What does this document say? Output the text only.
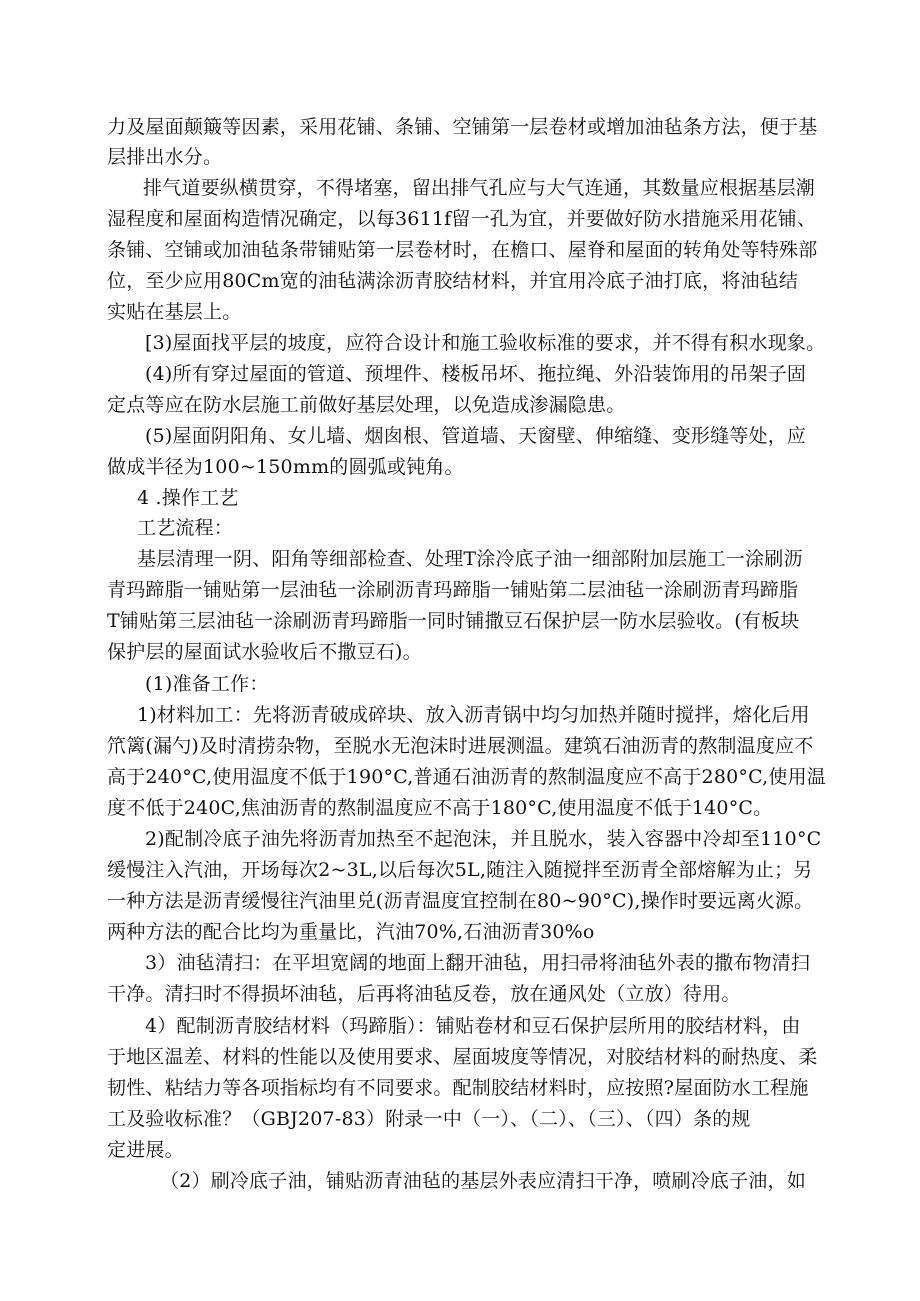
力及屋面颠簸等因素，采用花铺、条铺、空铺第一层卷材或增加油毡条方法，便于基
层排出水分。
排气道要纵横贯穿，不得堵塞，留出排气孔应与大气连通，其数量应根据基层潮
湿程度和屋面构造情况确定，以每3611f留一孔为宜，并要做好防水措施采用花铺、
条铺、空铺或加油毡条带铺贴第一层卷材时，在檐口、屋脊和屋面的转角处等特殊部
位，至少应用80Cm宽的油毡满涂沥青胶结材料，并宜用冷底子油打底，将油毡结
实贴在基层上。
[3)屋面找平层的坡度，应符合设计和施工验收标准的要求，并不得有积水现象。
(4)所有穿过屋面的管道、预埋件、楼板吊坏、拖拉绳、外沿装饰用的吊架子固
定点等应在防水层施工前做好基层处理，以免造成渗漏隐患。
(5)屋面阴阳角、女儿墙、烟囱根、管道墙、天窗壁、伸缩缝、变形缝等处，应
做成半径为100~150mm的圆弧或钝角。
4 .操作工艺
工艺流程：
基层清理一阴、阳角等细部检查、处理T涂冷底子油一细部附加层施工一涂刷沥
青玛蹄脂一铺贴第一层油毡一涂刷沥青玛蹄脂一铺贴第二层油毡一涂刷沥青玛蹄脂
T铺贴第三层油毡一涂刷沥青玛蹄脂一同时铺撒豆石保护层一防水层验收。(有板块
保护层的屋面试水验收后不撒豆石)。
(1)准备工作：
1)材料加工：先将沥青破成碎块、放入沥青锅中均匀加热并随时搅拌，熔化后用
笊篱(漏勺)及时清捞杂物，至脱水无泡沫时进展测温。建筑石油沥青的熬制温度应不
高于240°C,使用温度不低于190°C,普通石油沥青的熬制温度应不高于280°C,使用温
度不低于240C,焦油沥青的熬制温度应不高于180°C,使用温度不低于140°C。
2)配制冷底子油先将沥青加热至不起泡沫，并且脱水，装入容器中冷却至110°C
缓慢注入汽油，开场每次2~3L,以后每次5L,随注入随搅拌至沥青全部熔解为止；另
一种方法是沥青缓慢往汽油里兑(沥青温度宜控制在80~90°C),操作时要远离火源。
两种方法的配合比均为重量比，汽油70%,石油沥青30%o
3）油毡清扫：在平坦宽阔的地面上翻开油毡，用扫帚将油毡外表的撒布物清扫
干净。清扫时不得损坏油毡，后再将油毡反卷，放在通风处（立放）待用。
4）配制沥青胶结材料（玛蹄脂）：铺贴卷材和豆石保护层所用的胶结材料，由
于地区温差、材料的性能以及使用要求、屋面坡度等情况，对胶结材料的耐热度、柔
韧性、粘结力等各项指标均有不同要求。配制胶结材料时，应按照?屋面防水工程施
工及验收标准？（GBJ207-83）附录一中（一）、（二）、（三）、（四）条的规
定进展。
（2）刷冷底子油，铺贴沥青油毡的基层外表应清扫干净，喷刷冷底子油，如
